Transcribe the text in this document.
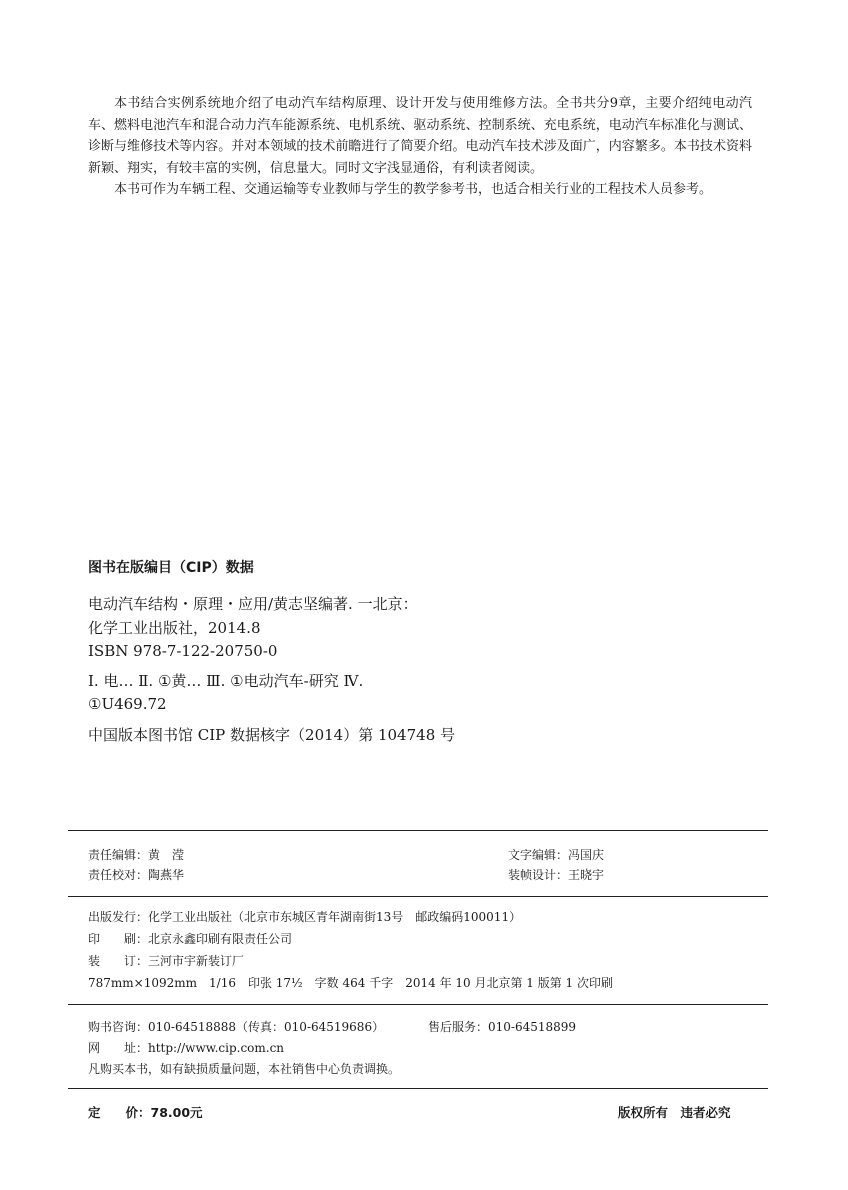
本书结合实例系统地介绍了电动汽车结构原理、设计开发与使用维修方法。全书共分9章，主要介绍纯电动汽车、燃料电池汽车和混合动力汽车能源系统、电机系统、驱动系统、控制系统、充电系统，电动汽车标准化与测试、诊断与维修技术等内容。并对本领域的技术前瞻进行了简要介绍。电动汽车技术涉及面广，内容繁多。本书技术资料新颖、翔实，有较丰富的实例，信息量大。同时文字浅显通俗，有利读者阅读。

本书可作为车辆工程、交通运输等专业教师与学生的教学参考书，也适合相关行业的工程技术人员参考。

图书在版编目（CIP）数据
电动汽车结构・原理・应用/黄志坚编著. 一北京：
化学工业出版社，2014.8
ISBN 978-7-122-20750-0
Ⅰ. 电… Ⅱ. ①黄… Ⅲ. ①电动汽车-研究 Ⅳ.
①U469.72
中国版本图书馆 CIP 数据核字（2014）第 104748 号
责任编辑：黄　滢	文字编辑：冯国庆
责任校对：陶燕华	装帧设计：王晓宇
出版发行：化学工业出版社（北京市东城区青年湖南街13号　邮政编码100011）
印　　刷：北京永鑫印刷有限责任公司
装　　订：三河市宇新装订厂
787mm×1092mm　1/16　印张 17½　字数 464 千字　2014 年 10 月北京第 1 版第 1 次印刷
购书咨询：010-64518888（传真：010-64519686）	售后服务：010-64518899
网　　址：http://www.cip.com.cn
凡购买本书，如有缺损质量问题，本社销售中心负责调换。
定　　价：78.00元	版权所有　违者必究
